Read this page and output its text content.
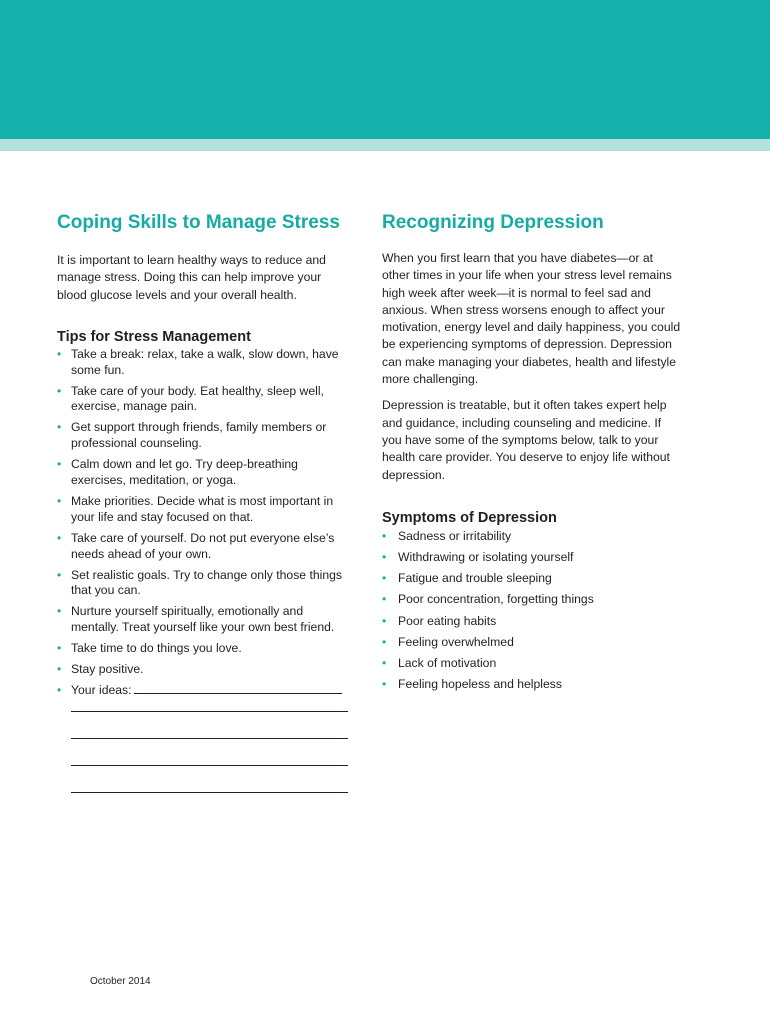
Coping Skills to Manage Stress

It is important to learn healthy ways to reduce and manage stress. Doing this can help improve your blood glucose levels and your overall health.

Tips for Stress Management
• Take a break: relax, take a walk, slow down, have some fun.
• Take care of your body. Eat healthy, sleep well, exercise, manage pain.
• Get support through friends, family members or professional counseling.
• Calm down and let go. Try deep-breathing exercises, meditation, or yoga.
• Make priorities. Decide what is most important in your life and stay focused on that.
• Take care of yourself. Do not put everyone else’s needs ahead of your own.
• Set realistic goals. Try to change only those things that you can.
• Nurture yourself spiritually, emotionally and mentally. Treat yourself like your own best friend.
• Take time to do things you love.
• Stay positive.
• Your ideas:
Recognizing Depression

When you first learn that you have diabetes—or at other times in your life when your stress level remains high week after week—it is normal to feel sad and anxious. When stress worsens enough to affect your motivation, energy level and daily happiness, you could be experiencing symptoms of depression. Depression can make managing your diabetes, health and lifestyle more challenging.

Depression is treatable, but it often takes expert help and guidance, including counseling and medicine. If you have some of the symptoms below, talk to your health care provider. You deserve to enjoy life without depression.

Symptoms of Depression
• Sadness or irritability
• Withdrawing or isolating yourself
• Fatigue and trouble sleeping
• Poor concentration, forgetting things
• Poor eating habits
• Feeling overwhelmed
• Lack of motivation
• Feeling hopeless and helpless
October 2014
